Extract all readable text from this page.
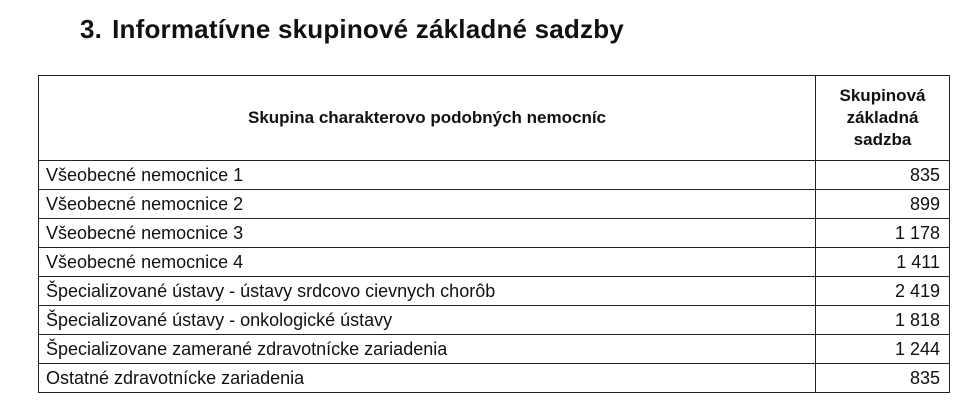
3. Informatívne skupinové základné sadzby
Skupina charakterovo podobných nemocníc	Skupinová
základná
sadzba
Všeobecné nemocnice 1	835
Všeobecné nemocnice 2	899
Všeobecné nemocnice 3	1 178
Všeobecné nemocnice 4	1 411
Špecializované ústavy - ústavy srdcovo cievnych chorôb	2 419
Špecializované ústavy - onkologické ústavy	1 818
Špecializovane zamerané zdravotnícke zariadenia	1 244
Ostatné zdravotnícke zariadenia	835
